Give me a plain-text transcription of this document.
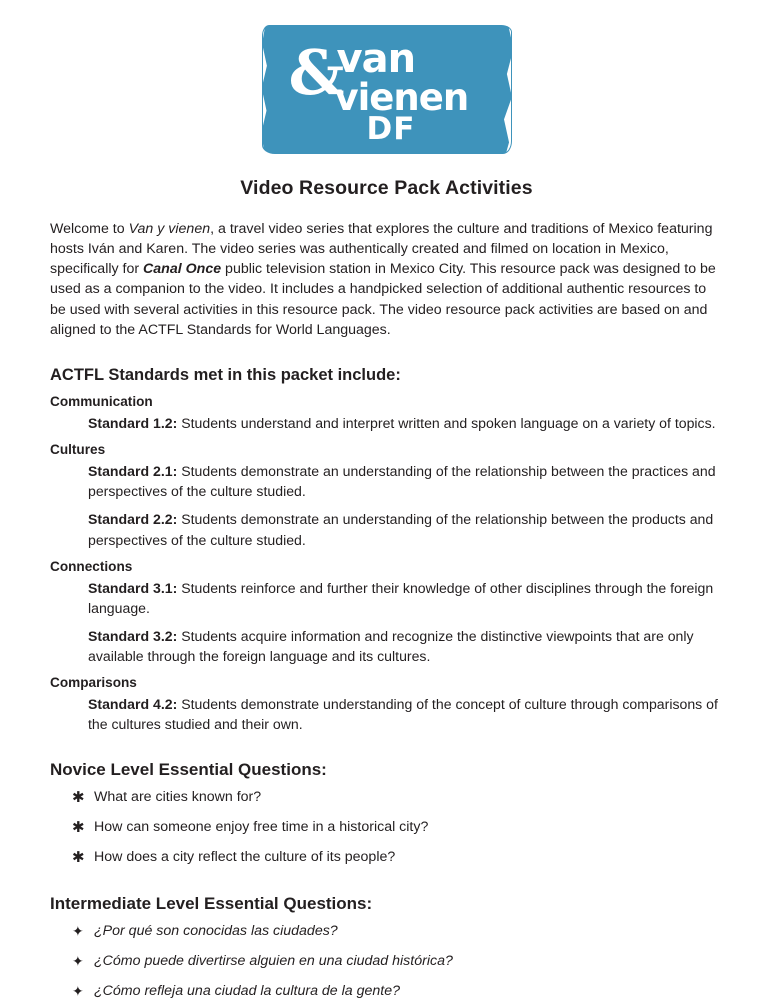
&
van
vienen
DF
Video Resource Pack Activities

Welcome to Van y vienen, a travel video series that explores the culture and traditions of Mexico featuring hosts Iván and Karen. The video series was authentically created and filmed on location in Mexico, specifically for Canal Once public television station in Mexico City. This resource pack was designed to be used as a companion to the video. It includes a handpicked selection of additional authentic resources to be used with several activities in this resource pack. The video resource pack activities are based on and aligned to the ACTFL Standards for World Languages.

ACTFL Standards met in this packet include:
Communication

Standard 1.2: Students understand and interpret written and spoken language on a variety of topics.

Cultures

Standard 2.1: Students demonstrate an understanding of the relationship between the practices and perspectives of the culture studied.

Standard 2.2: Students demonstrate an understanding of the relationship between the products and perspectives of the culture studied.

Connections

Standard 3.1: Students reinforce and further their knowledge of other disciplines through the foreign language.

Standard 3.2: Students acquire information and recognize the distinctive viewpoints that are only available through the foreign language and its cultures.

Comparisons

Standard 4.2: Students demonstrate understanding of the concept of culture through comparisons of the cultures studied and their own.

Novice Level Essential Questions:
✱ What are cities known for?
✱ How can someone enjoy free time in a historical city?
✱ How does a city reflect the culture of its people?
Intermediate Level Essential Questions:
✦ ¿Por qué son conocidas las ciudades?
✦ ¿Cómo puede divertirse alguien en una ciudad histórica?
✦ ¿Cómo refleja una ciudad la cultura de la gente?
